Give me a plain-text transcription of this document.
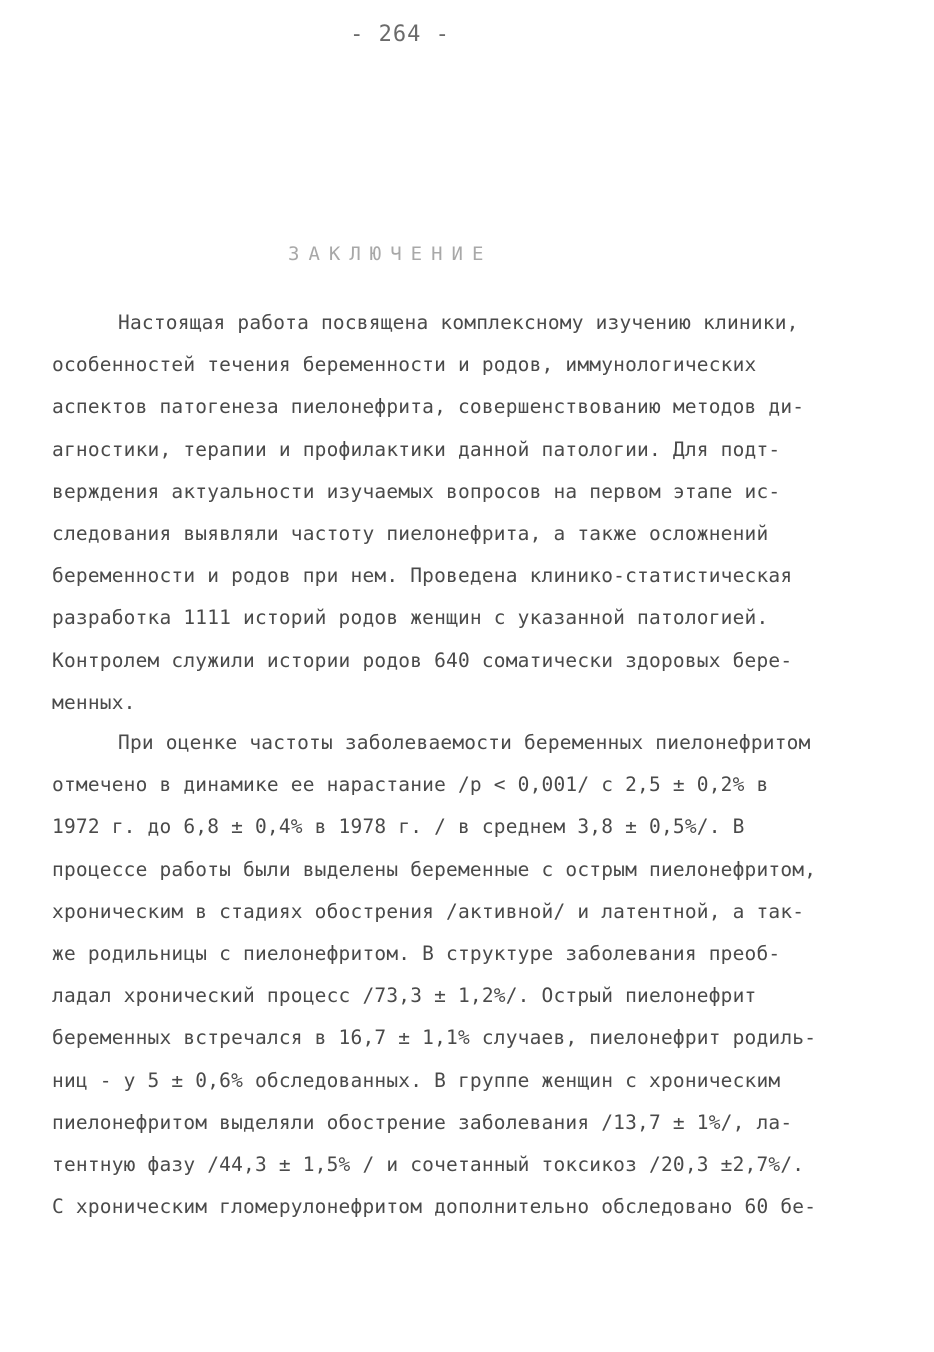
- 264 -
ЗАКЛЮЧЕНИЕ
Настоящая работа посвящена комплексному изучению клиники,
особенностей течения беременности и родов, иммунологических
аспектов патогенеза пиелонефрита, совершенствованию методов ди-
агностики, терапии и профилактики данной патологии. Для подт-
верждения актуальности изучаемых вопросов на первом этапе ис-
следования выявляли частоту пиелонефрита, а также осложнений
беременности и родов при нем. Проведена клинико-статистическая
разработка 1111 историй родов женщин с указанной патологией.
Контролем служили истории родов 640 соматически здоровых бере-
менных.
При оценке частоты заболеваемости беременных пиелонефритом
отмечено в динамике ее нарастание /р < 0,001/ с 2,5 ± 0,2% в
1972 г. до 6,8 ± 0,4% в 1978 г. / в среднем 3,8 ± 0,5%/. В
процессе работы были выделены беременные с острым пиелонефритом,
хроническим в стадиях обострения /активной/ и латентной, а так-
же родильницы с пиелонефритом. В структуре заболевания преоб-
ладал хронический процесс /73,3 ± 1,2%/. Острый пиелонефрит
беременных встречался в 16,7 ± 1,1% случаев, пиелонефрит родиль-
ниц - у 5 ± 0,6% обследованных. В группе женщин с хроническим
пиелонефритом выделяли обострение заболевания /13,7 ± 1%/, ла-
тентную фазу /44,3 ± 1,5% / и сочетанный токсикоз /20,3 ±2,7%/.
С хроническим гломерулонефритом дополнительно обследовано 60 бе-
